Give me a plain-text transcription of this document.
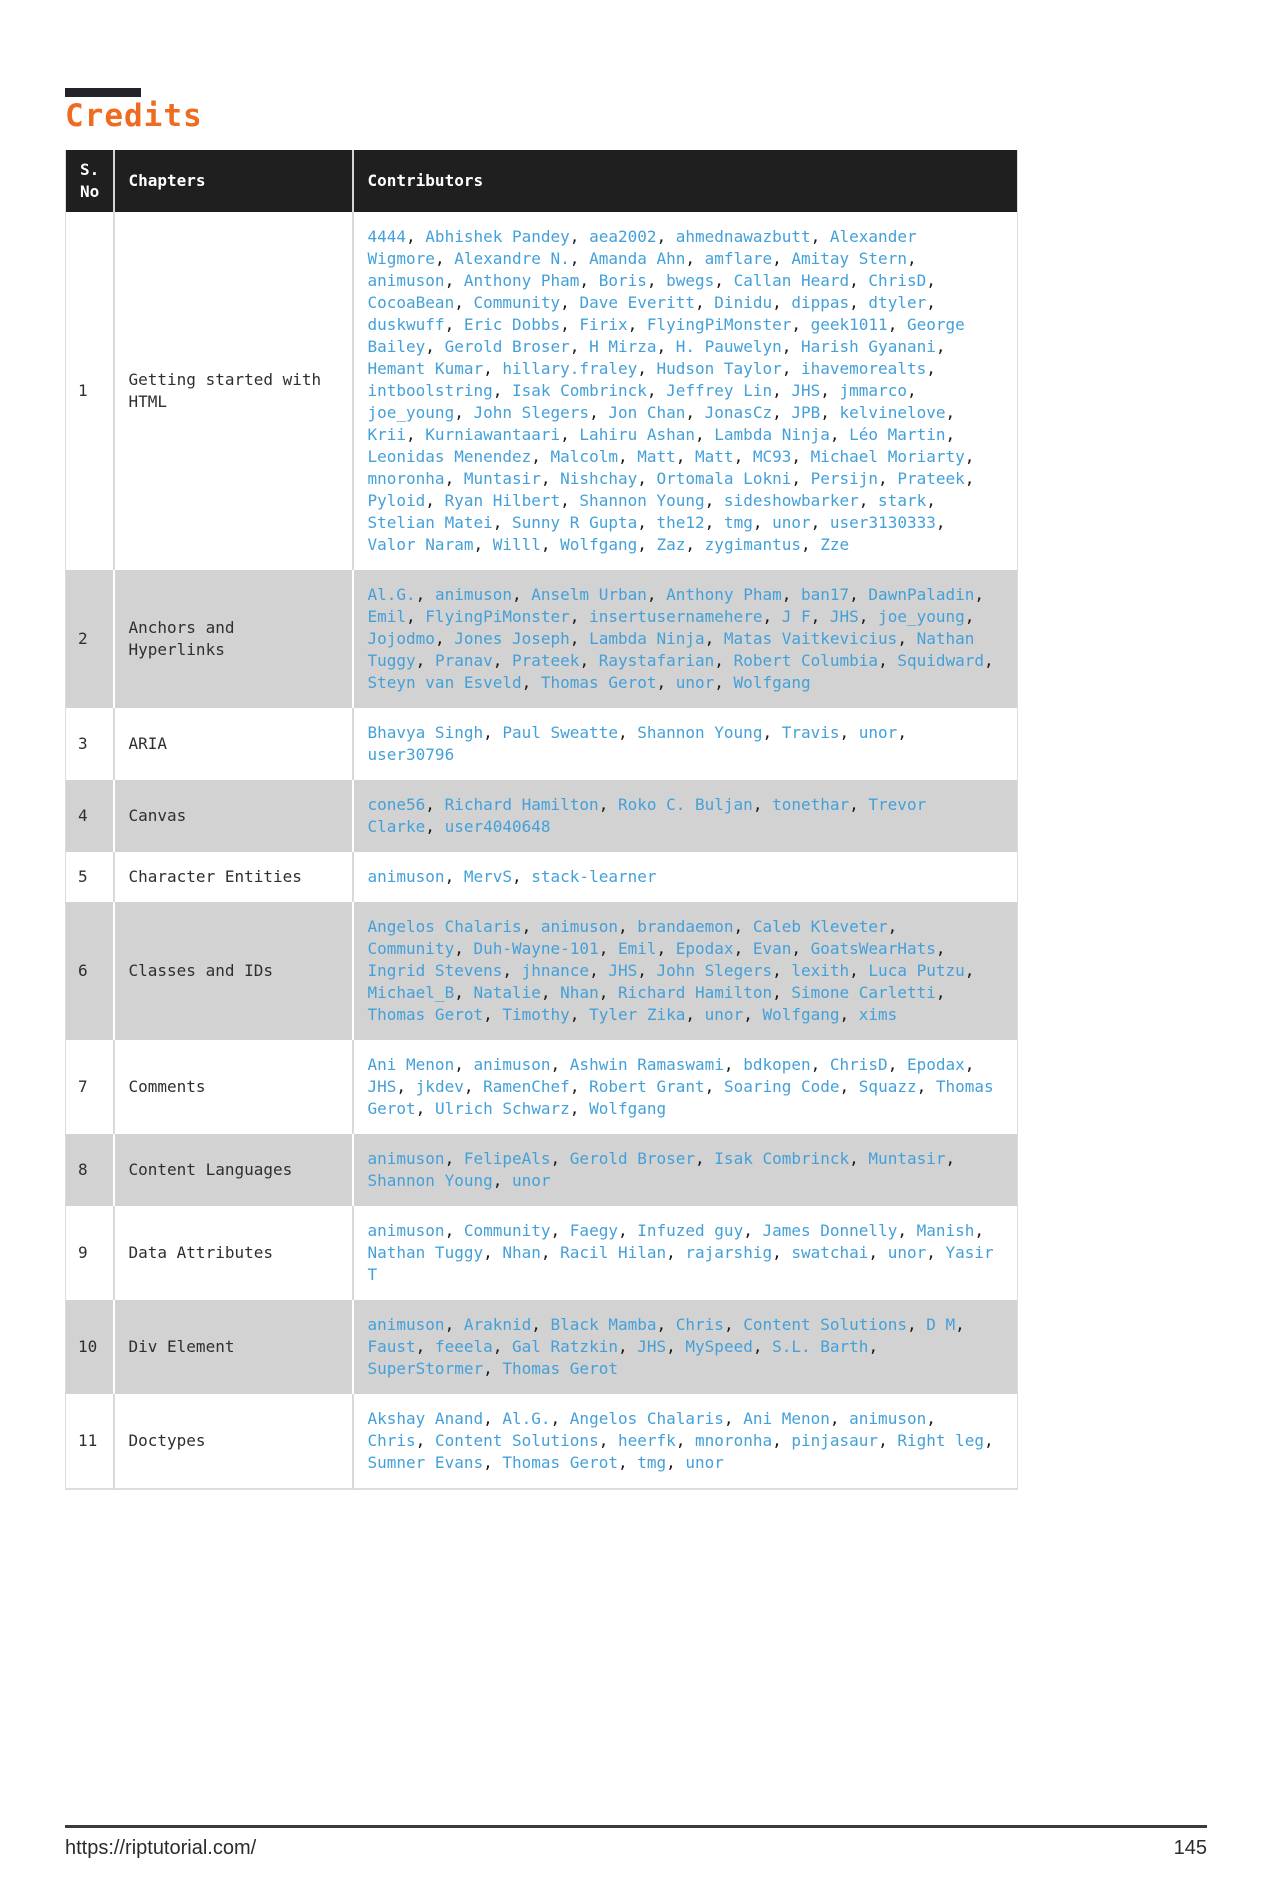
Credits
S. No	Chapters	Contributors
1	Getting started with HTML	4444, Abhishek Pandey, aea2002, ahmednawazbutt, Alexander Wigmore, Alexandre N., Amanda Ahn, amflare, Amitay Stern, animuson, Anthony Pham, Boris, bwegs, Callan Heard, ChrisD, CocoaBean, Community, Dave Everitt, Dinidu, dippas, dtyler, duskwuff, Eric Dobbs, Firix, FlyingPiMonster, geek1011, George Bailey, Gerold Broser, H Mirza, H. Pauwelyn, Harish Gyanani, Hemant Kumar, hillary.fraley, Hudson Taylor, ihavemorealts, intboolstring, Isak Combrinck, Jeffrey Lin, JHS, jmmarco, joe_young, John Slegers, Jon Chan, JonasCz, JPB, kelvinelove, Krii, Kurniawantaari, Lahiru Ashan, Lambda Ninja, Léo Martin, Leonidas Menendez, Malcolm, Matt, Matt, MC93, Michael Moriarty, mnoronha, Muntasir, Nishchay, Ortomala Lokni, Persijn, Prateek, Pyloid, Ryan Hilbert, Shannon Young, sideshowbarker, stark, Stelian Matei, Sunny R Gupta, the12, tmg, unor, user3130333, Valor Naram, Willl, Wolfgang, Zaz, zygimantus, Zze
2	Anchors and Hyperlinks	Al.G., animuson, Anselm Urban, Anthony Pham, ban17, DawnPaladin, Emil, FlyingPiMonster, insertusernamehere, J F, JHS, joe_young, Jojodmo, Jones Joseph, Lambda Ninja, Matas Vaitkevicius, Nathan Tuggy, Pranav, Prateek, Raystafarian, Robert Columbia, Squidward, Steyn van Esveld, Thomas Gerot, unor, Wolfgang
3	ARIA	Bhavya Singh, Paul Sweatte, Shannon Young, Travis, unor, user30796
4	Canvas	cone56, Richard Hamilton, Roko C. Buljan, tonethar, Trevor Clarke, user4040648
5	Character Entities	animuson, MervS, stack-learner
6	Classes and IDs	Angelos Chalaris, animuson, brandaemon, Caleb Kleveter, Community, Duh-Wayne-101, Emil, Epodax, Evan, GoatsWearHats, Ingrid Stevens, jhnance, JHS, John Slegers, lexith, Luca Putzu, Michael_B, Natalie, Nhan, Richard Hamilton, Simone Carletti, Thomas Gerot, Timothy, Tyler Zika, unor, Wolfgang, xims
7	Comments	Ani Menon, animuson, Ashwin Ramaswami, bdkopen, ChrisD, Epodax, JHS, jkdev, RamenChef, Robert Grant, Soaring Code, Squazz, Thomas Gerot, Ulrich Schwarz, Wolfgang
8	Content Languages	animuson, FelipeAls, Gerold Broser, Isak Combrinck, Muntasir, Shannon Young, unor
9	Data Attributes	animuson, Community, Faegy, Infuzed guy, James Donnelly, Manish, Nathan Tuggy, Nhan, Racil Hilan, rajarshig, swatchai, unor, Yasir T
10	Div Element	animuson, Araknid, Black Mamba, Chris, Content Solutions, D M, Faust, feeela, Gal Ratzkin, JHS, MySpeed, S.L. Barth, SuperStormer, Thomas Gerot
11	Doctypes	Akshay Anand, Al.G., Angelos Chalaris, Ani Menon, animuson, Chris, Content Solutions, heerfk, mnoronha, pinjasaur, Right leg, Sumner Evans, Thomas Gerot, tmg, unor
https://riptutorial.com/	145
